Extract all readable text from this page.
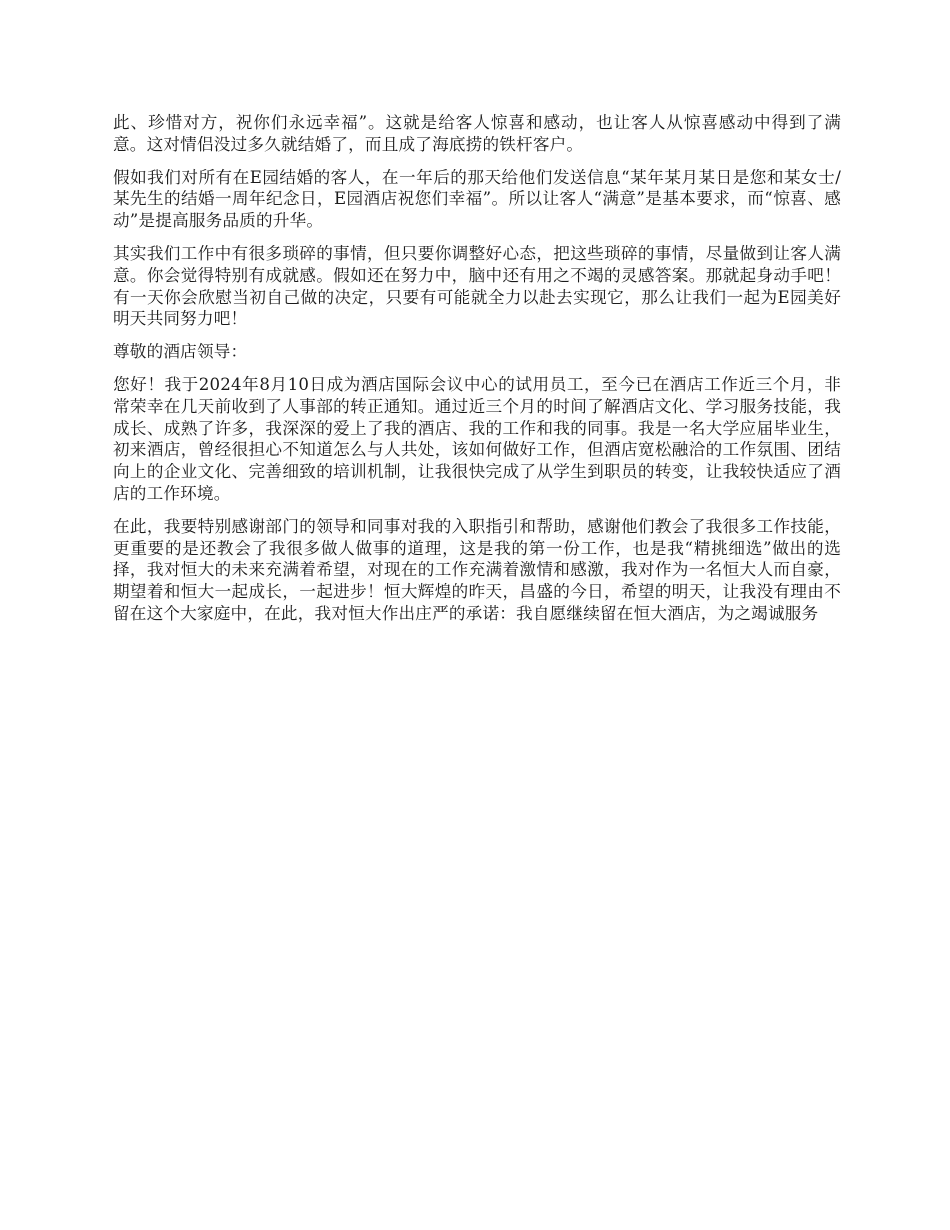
此、珍惜对方，祝你们永远幸福”。这就是给客人惊喜和感动，也让客人从惊喜感动中得到了满意。这对情侣没过多久就结婚了，而且成了海底捞的铁杆客户。

假如我们对所有在E园结婚的客人，在一年后的那天给他们发送信息“某年某月某日是您和某女士/某先生的结婚一周年纪念日，E园酒店祝您们幸福”。所以让客人“满意”是基本要求，而“惊喜、感动”是提高服务品质的升华。

其实我们工作中有很多琐碎的事情，但只要你调整好心态，把这些琐碎的事情，尽量做到让客人满意。你会觉得特别有成就感。假如还在努力中，脑中还有用之不竭的灵感答案。那就起身动手吧！有一天你会欣慰当初自己做的决定，只要有可能就全力以赴去实现它，那么让我们一起为E园美好明天共同努力吧！

尊敬的酒店领导：

您好！我于2024年8月10日成为酒店国际会议中心的试用员工，至今已在酒店工作近三个月，非常荣幸在几天前收到了人事部的转正通知。通过近三个月的时间了解酒店文化、学习服务技能，我成长、成熟了许多，我深深的爱上了我的酒店、我的工作和我的同事。我是一名大学应届毕业生，初来酒店，曾经很担心不知道怎么与人共处，该如何做好工作，但酒店宽松融洽的工作氛围、团结向上的企业文化、完善细致的培训机制，让我很快完成了从学生到职员的转变，让我较快适应了酒店的工作环境。

在此，我要特别感谢部门的领导和同事对我的入职指引和帮助，感谢他们教会了我很多工作技能，更重要的是还教会了我很多做人做事的道理，这是我的第一份工作，也是我“精挑细选”做出的选择，我对恒大的未来充满着希望，对现在的工作充满着激情和感激，我对作为一名恒大人而自豪，期望着和恒大一起成长，一起进步！恒大辉煌的昨天，昌盛的今日，希望的明天，让我没有理由不留在这个大家庭中，在此，我对恒大作出庄严的承诺：我自愿继续留在恒大酒店，为之竭诚服务
